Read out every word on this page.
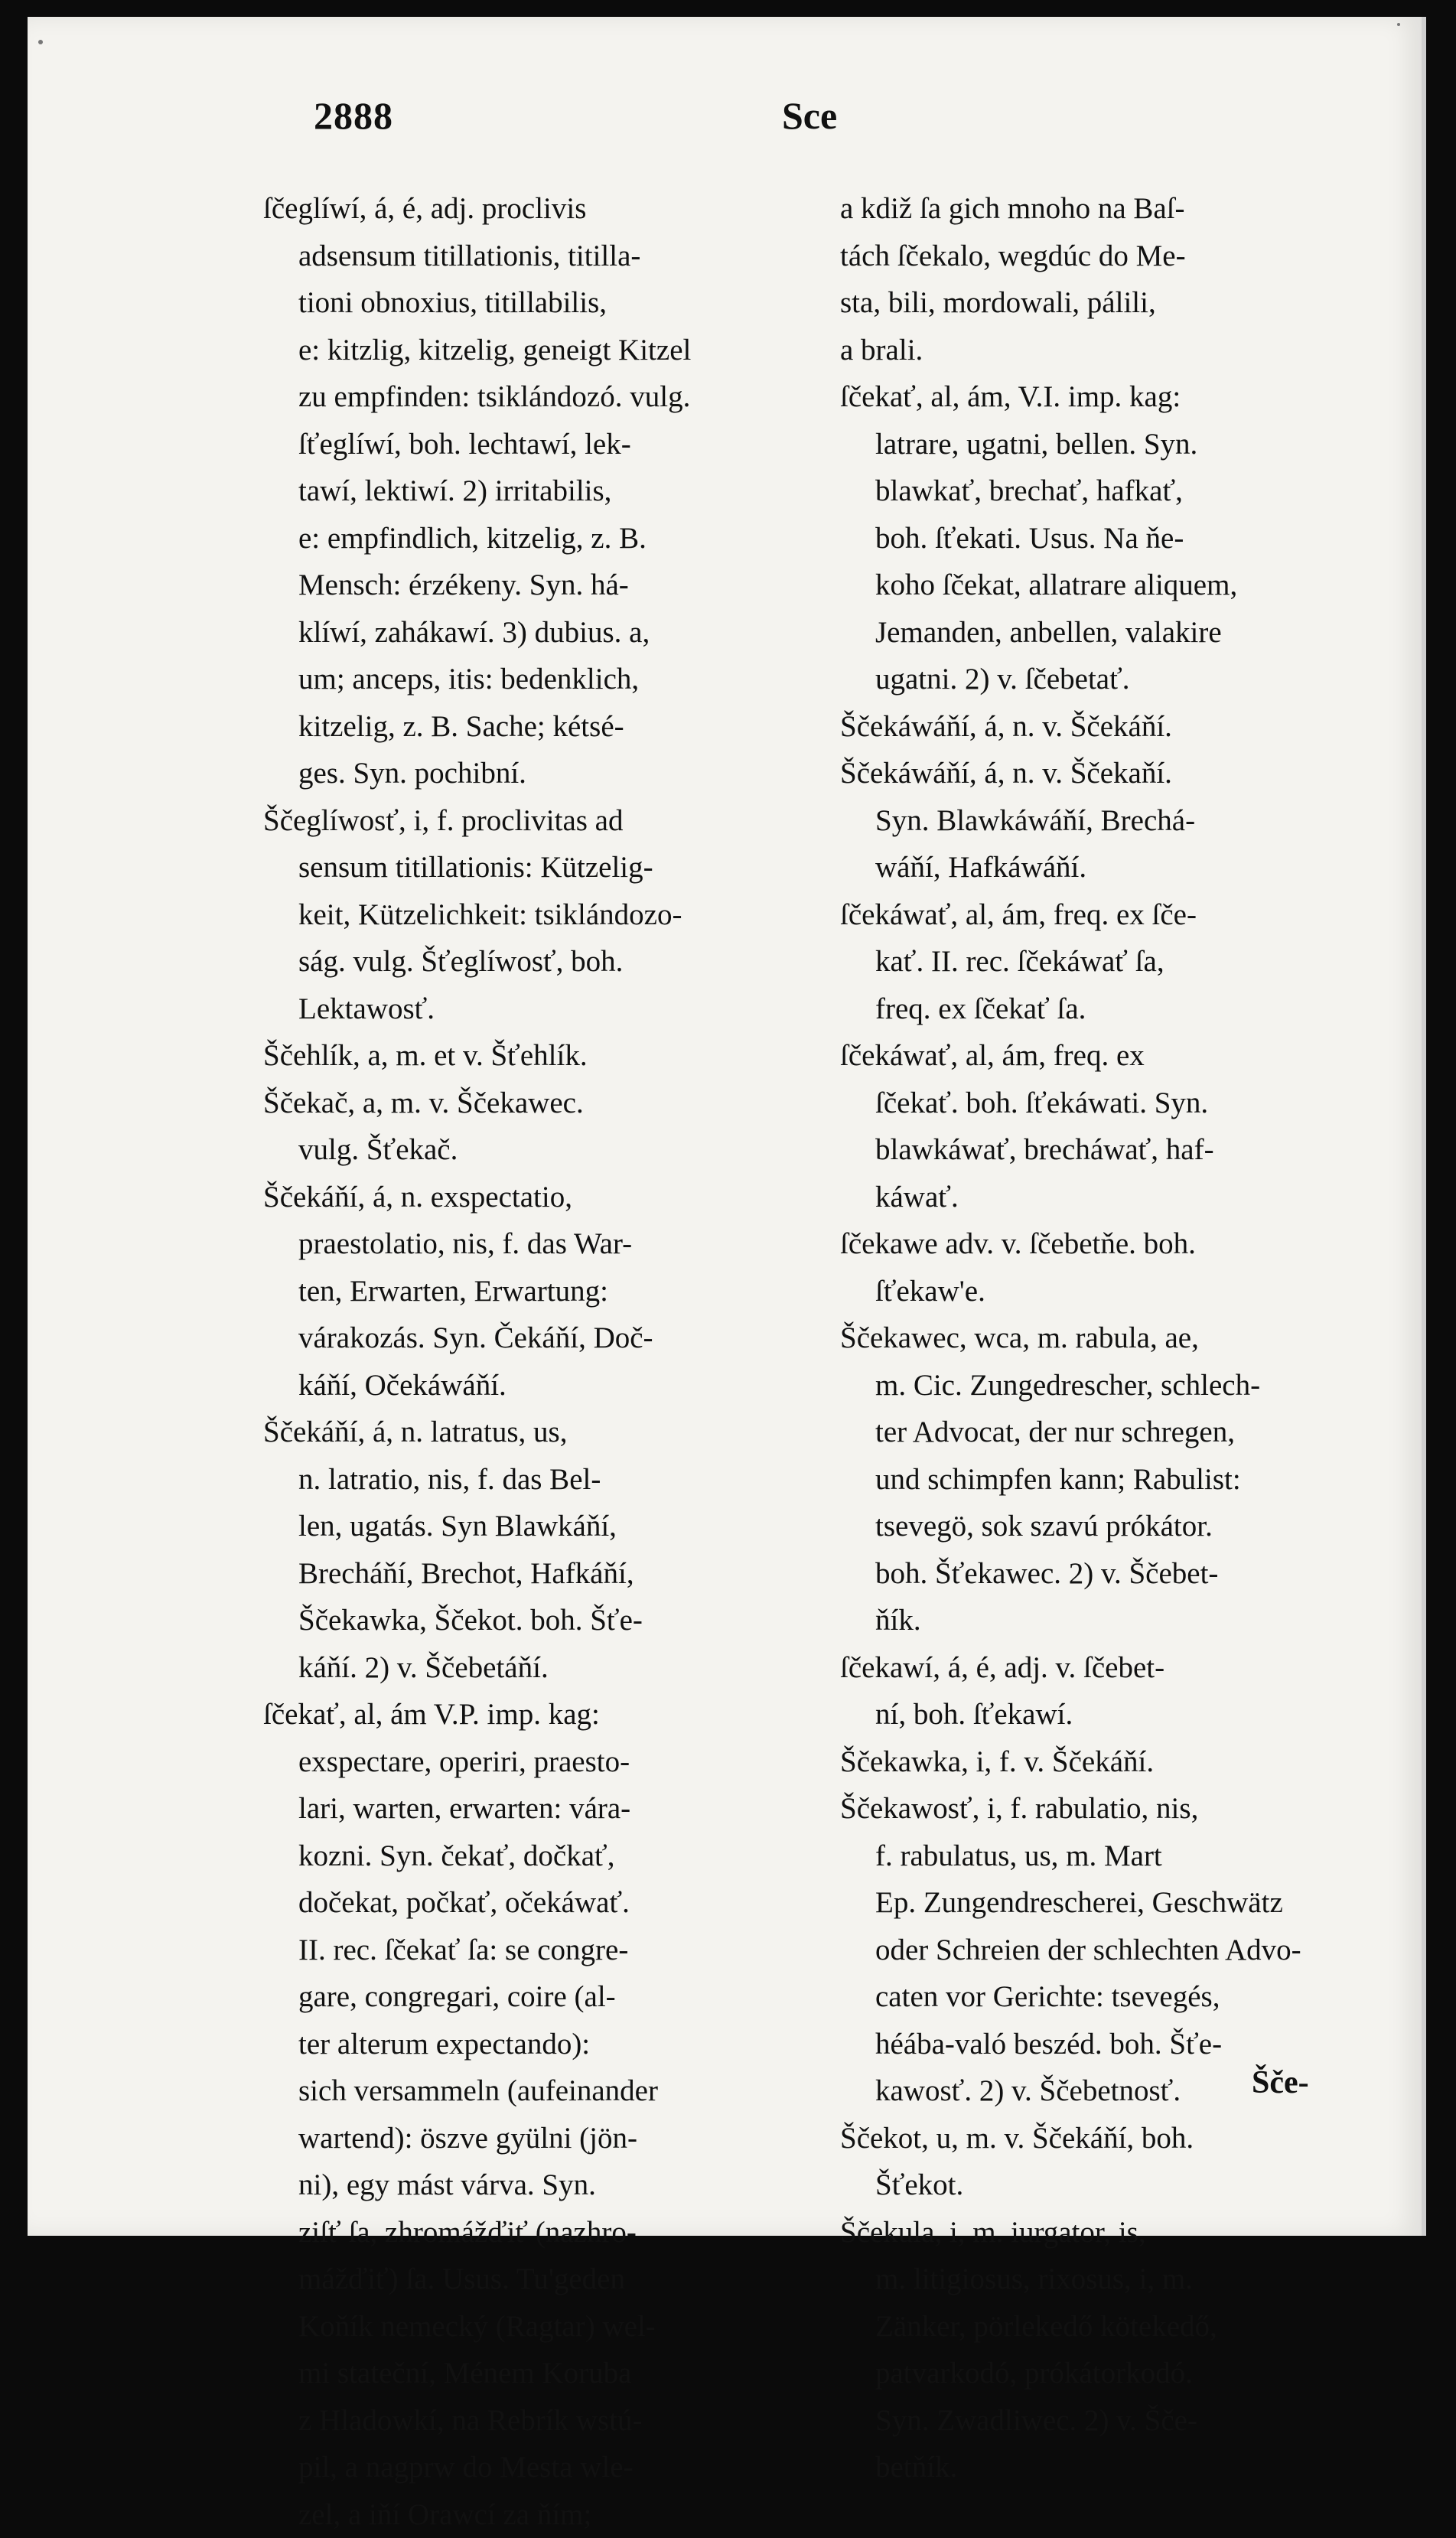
2888	Sce
ſčeglíwí, á, é, adj. proclivis
adsensum titillationis, titilla-
tioni obnoxius, titillabilis,
e: kitzlig, kitzelig, geneigt Kitzel
zu empfinden: tsiklándozó. vulg.
ſťeglíwí, boh. lechtawí, lek-
tawí, lektiwí. 2) irritabilis,
e: empfindlich, kitzelig, z. B.
Mensch: érzékeny. Syn. há-
klíwí, zahákawí. 3) dubius. a,
um; anceps, itis: bedenklich,
kitzelig, z. B. Sache; kétsé-
ges. Syn. pochibní.
Ščeglíwosť, i, f. proclivitas ad
sensum titillationis: Kützelig-
keit, Kützelichkeit: tsiklándozo-
ság. vulg. Šťeglíwosť, boh.
Lektawosť.
Ščehlík, a, m. et v. Šťehlík.
Ščekač, a, m. v. Ščekawec.
vulg. Šťekač.
Ščekáňí, á, n. exspectatio,
praestolatio, nis, f. das War-
ten, Erwarten, Erwartung:
várakozás. Syn. Čekáňí, Doč-
káňí, Očekáwáňí.
Ščekáňí, á, n. latratus, us,
n. latratio, nis, f. das Bel-
len, ugatás. Syn Blawkáňí,
Brecháňí, Brechot, Hafkáňí,
Ščekawka, Ščekot. boh. Šťe-
káňí. 2) v. Ščebetáňí.
ſčekať, al, ám V.P. imp. kag:
exspectare, operiri, praesto-
lari, warten, erwarten: vára-
kozni. Syn. čekať, dočkať,
dočekat, počkať, očekáwať.
II. rec. ſčekať ſa: se congre-
gare, congregari, coire (al-
ter alterum expectando):
sich versammeln (aufeinander
wartend): öszve gyülni (jön-
ni), egy mást várva. Syn.
ziſť ſa, zhromážďiť (nazhro-
mážďiť) ſa. Usus. Tu'geden
Koňík nemecký (Ragtar) wel-
mi stateční, Ménem Koruba
z Hladowkí, na Rebrík wstú-
pil, a nagprw do Mesta wle-
zel, a iňí Orawcí za ňím;
a kdiž ſa gich mnoho na Baſ-
tách ſčekalo, wegdúc do Me-
sta, bili, mordowali, pálili,
a brali.
ſčekať, al, ám, V.I. imp. kag:
latrare, ugatni, bellen. Syn.
blawkať, brechať, hafkať,
boh. ſťekati. Usus. Na ňe-
koho ſčekat, allatrare aliquem,
Jemanden, anbellen, valakire
ugatni. 2) v. ſčebetať.
Ščekáwáňí, á, n. v. Ščekáňí.
Ščekáwáňí, á, n. v. Ščekaňí.
Syn. Blawkáwáňí, Brechá-
wáňí, Hafkáwáňí.
ſčekáwať, al, ám, freq. ex ſče-
kať. II. rec. ſčekáwať ſa,
freq. ex ſčekať ſa.
ſčekáwať, al, ám, freq. ex
ſčekať. boh. ſťekáwati. Syn.
blawkáwať, brecháwať, haf-
káwať.
ſčekawe adv. v. ſčebetňe. boh.
ſťekaw'e.
Ščekawec, wca, m. rabula, ae,
m. Cic. Zungedrescher, schlech-
ter Advocat, der nur schregen,
und schimpfen kann; Rabulist:
tsevegö, sok szavú prókátor.
boh. Šťekawec. 2) v. Ščebet-
ňík.
ſčekawí, á, é, adj. v. ſčebet-
ní, boh. ſťekawí.
Ščekawka, i, f. v. Ščekáňí.
Ščekawosť, i, f. rabulatio, nis,
f. rabulatus, us, m. Mart
Ep. Zungendrescherei, Geschwätz
oder Schreien der schlechten Advo-
caten vor Gerichte: tsevegés,
héába-való beszéd. boh. Šťe-
kawosť. 2) v. Ščebetnosť.
Ščekot, u, m. v. Ščekáňí, boh.
Šťekot.
Ščekula, i, m. iurgator, is,
m. litigiosus, rixosus, i, m.
Zänker, pörlekedő kötekedő,
patvarkodó, prókátorkodó.
Syn. Zwadliwec. 2) v. Šče-
betňík.
Šče-
